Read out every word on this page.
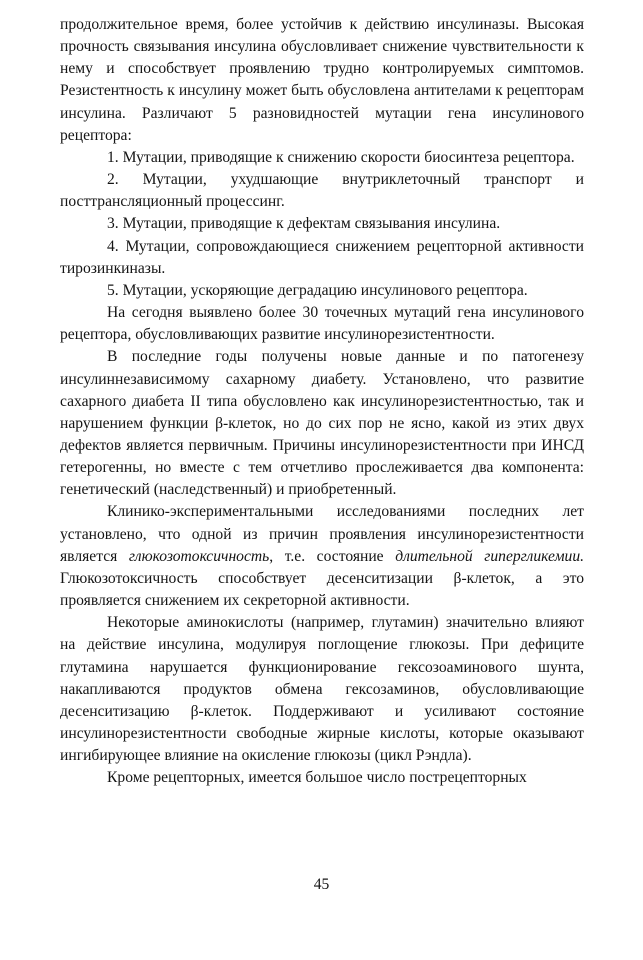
продолжительное время, более устойчив к действию инсулиназы. Высокая прочность связывания инсулина обусловливает снижение чувствительности к нему и способствует проявлению трудно контролируемых симптомов. Резистентность к инсулину может быть обусловлена антителами к рецепторам инсулина. Различают 5 разновидностей мутации гена инсулинового рецептора:

1. Мутации, приводящие к снижению скорости биосинтеза рецептора.

2. Мутации, ухудшающие внутриклеточный транспорт и посттрансляционный процессинг.

3. Мутации, приводящие к дефектам связывания инсулина.

4. Мутации, сопровождающиеся снижением рецепторной активности тирозинкиназы.

5. Мутации, ускоряющие деградацию инсулинового рецептора.

На сегодня выявлено более 30 точечных мутаций гена инсулинового рецептора, обусловливающих развитие инсулинорезистентности.

В последние годы получены новые данные и по патогенезу инсулиннезависимому сахарному диабету. Установлено, что развитие сахарного диабета II типа обусловлено как инсулинорезистентностью, так и нарушением функции β-клеток, но до сих пор не ясно, какой из этих двух дефектов является первичным. Причины инсулинорезистентности при ИНСД гетерогенны, но вместе с тем отчетливо прослеживается два компонента: генетический (наследственный) и приобретенный.

Клинико-экспериментальными исследованиями последних лет установлено, что одной из причин проявления инсулинорезистентности является глюкозотоксичность, т.е. состояние длительной гипергликемии. Глюкозотоксичность способствует десенситизации β-клеток, а это проявляется снижением их секреторной активности.

Некоторые аминокислоты (например, глутамин) значительно влияют на действие инсулина, модулируя поглощение глюкозы. При дефиците глутамина нарушается функционирование гексозоаминового шунта, накапливаются продуктов обмена гексозаминов, обусловливающие десенситизацию β-клеток. Поддерживают и усиливают состояние инсулинорезистентности свободные жирные кислоты, которые оказывают ингибирующее влияние на окисление глюкозы (цикл Рэндла).

Кроме рецепторных, имеется большое число пострецепторных

45
